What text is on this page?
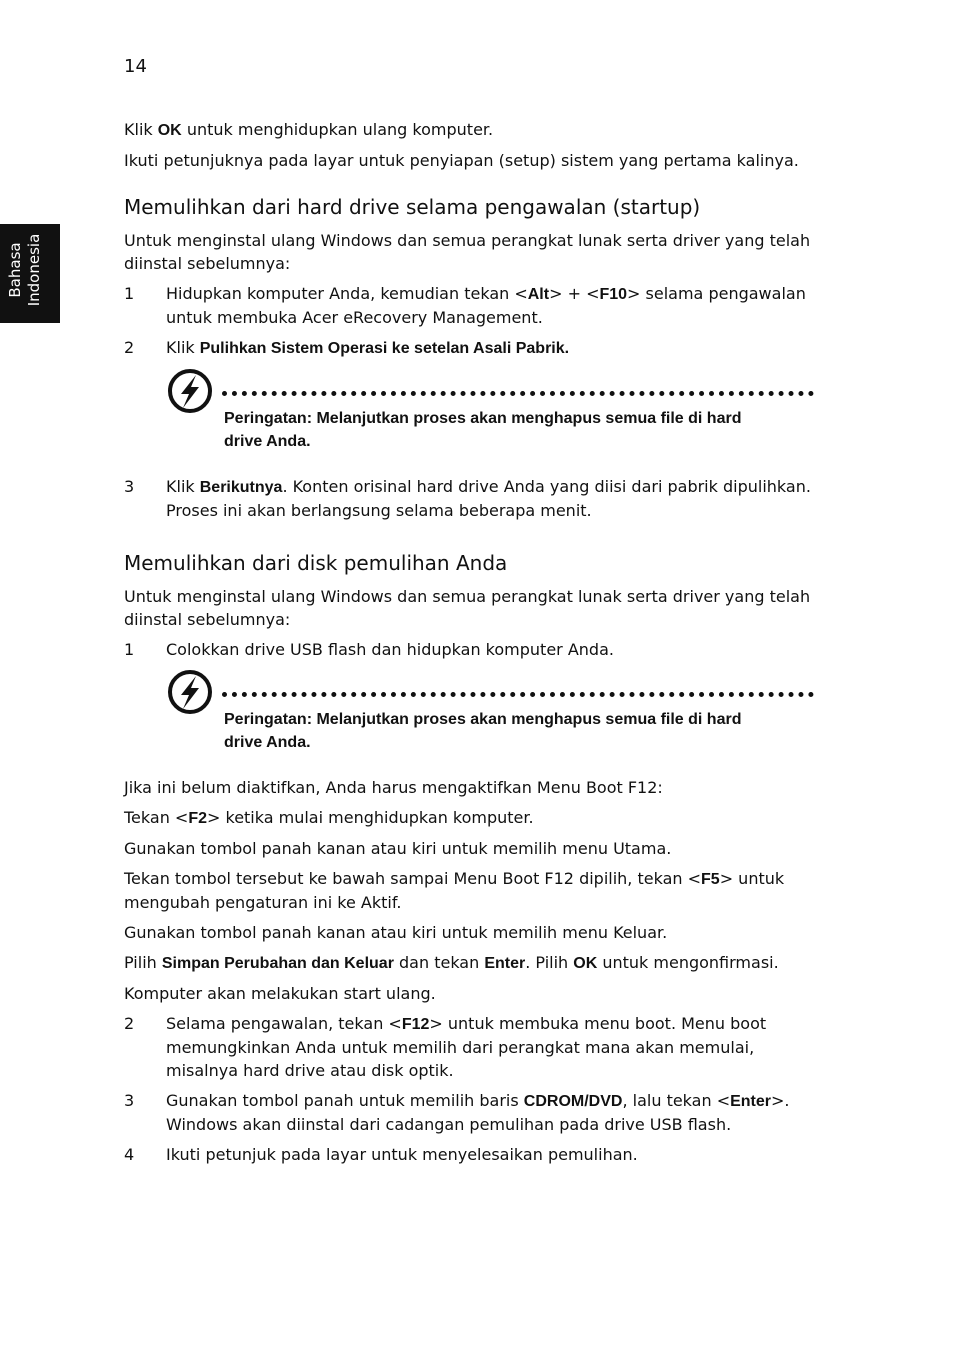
14
Bahasa Indonesia

Klik OK untuk menghidupkan ulang komputer.

Ikuti petunjuknya pada layar untuk penyiapan (setup) sistem yang pertama kalinya.

Memulihkan dari hard drive selama pengawalan (startup)

Untuk menginstal ulang Windows dan semua perangkat lunak serta driver yang telah diinstal sebelumnya:

1	Hidupkan komputer Anda, kemudian tekan <Alt> + <F10> selama pengawalan untuk membuka Acer eRecovery Management.
2	Klik Pulihkan Sistem Operasi ke setelan Asali Pabrik.
Peringatan: Melanjutkan proses akan menghapus semua file di hard drive Anda.
3	Klik Berikutnya. Konten orisinal hard drive Anda yang diisi dari pabrik dipulihkan. Proses ini akan berlangsung selama beberapa menit.
Memulihkan dari disk pemulihan Anda

Untuk menginstal ulang Windows dan semua perangkat lunak serta driver yang telah diinstal sebelumnya:

1	Colokkan drive USB flash dan hidupkan komputer Anda.
Peringatan: Melanjutkan proses akan menghapus semua file di hard drive Anda.

Jika ini belum diaktifkan, Anda harus mengaktifkan Menu Boot F12:

Tekan <F2> ketika mulai menghidupkan komputer.

Gunakan tombol panah kanan atau kiri untuk memilih menu Utama.

Tekan tombol tersebut ke bawah sampai Menu Boot F12 dipilih, tekan <F5> untuk mengubah pengaturan ini ke Aktif.

Gunakan tombol panah kanan atau kiri untuk memilih menu Keluar.

Pilih Simpan Perubahan dan Keluar dan tekan Enter. Pilih OK untuk mengonfirmasi.

Komputer akan melakukan start ulang.

2	Selama pengawalan, tekan <F12> untuk membuka menu boot. Menu boot memungkinkan Anda untuk memilih dari perangkat mana akan memulai, misalnya hard drive atau disk optik.
3	Gunakan tombol panah untuk memilih baris CDROM/DVD, lalu tekan <Enter>. Windows akan diinstal dari cadangan pemulihan pada drive USB flash.
4	Ikuti petunjuk pada layar untuk menyelesaikan pemulihan.
